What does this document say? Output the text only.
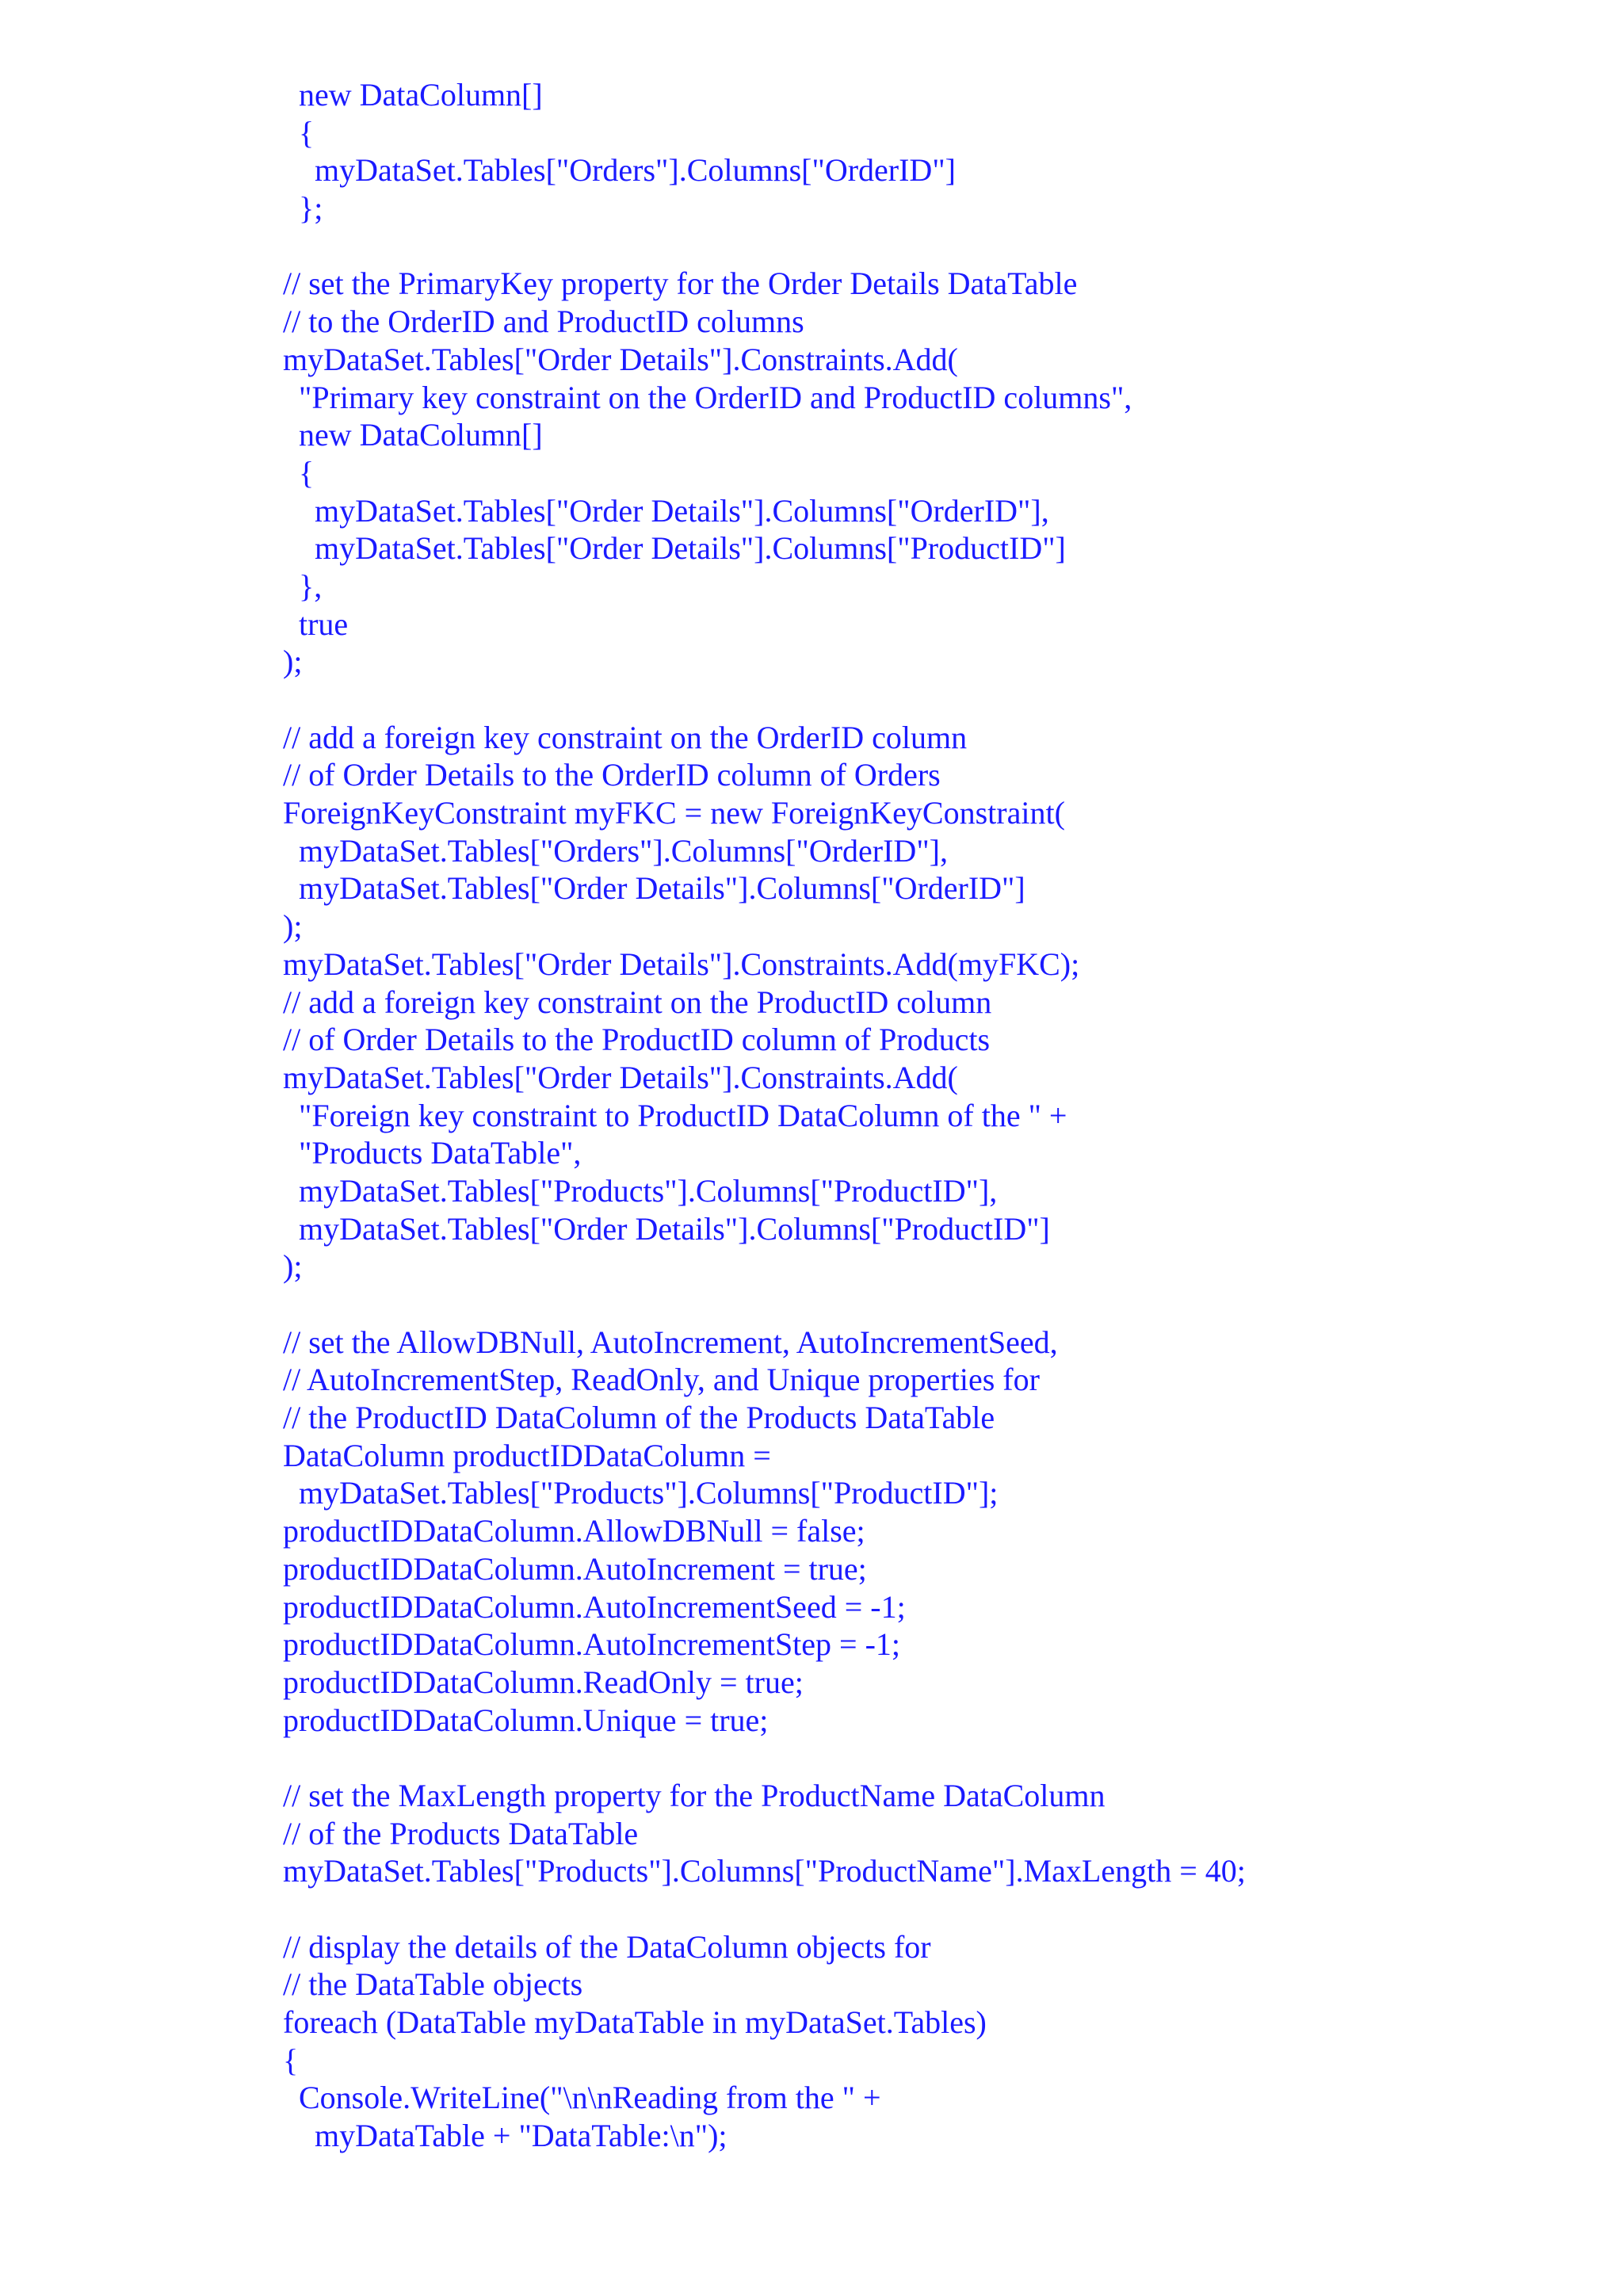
new DataColumn[]
{
myDataSet.Tables["Orders"].Columns["OrderID"]
};
// set the PrimaryKey property for the Order Details DataTable
// to the OrderID and ProductID columns
myDataSet.Tables["Order Details"].Constraints.Add(
"Primary key constraint on the OrderID and ProductID columns",
new DataColumn[]
{
myDataSet.Tables["Order Details"].Columns["OrderID"],
myDataSet.Tables["Order Details"].Columns["ProductID"]
},
true
);
// add a foreign key constraint on the OrderID column
// of Order Details to the OrderID column of Orders
ForeignKeyConstraint myFKC = new ForeignKeyConstraint(
myDataSet.Tables["Orders"].Columns["OrderID"],
myDataSet.Tables["Order Details"].Columns["OrderID"]
);
myDataSet.Tables["Order Details"].Constraints.Add(myFKC);
// add a foreign key constraint on the ProductID column
// of Order Details to the ProductID column of Products
myDataSet.Tables["Order Details"].Constraints.Add(
"Foreign key constraint to ProductID DataColumn of the " +
"Products DataTable",
myDataSet.Tables["Products"].Columns["ProductID"],
myDataSet.Tables["Order Details"].Columns["ProductID"]
);
// set the AllowDBNull, AutoIncrement, AutoIncrementSeed,
// AutoIncrementStep, ReadOnly, and Unique properties for
// the ProductID DataColumn of the Products DataTable
DataColumn productIDDataColumn =
myDataSet.Tables["Products"].Columns["ProductID"];
productIDDataColumn.AllowDBNull = false;
productIDDataColumn.AutoIncrement = true;
productIDDataColumn.AutoIncrementSeed = -1;
productIDDataColumn.AutoIncrementStep = -1;
productIDDataColumn.ReadOnly = true;
productIDDataColumn.Unique = true;
// set the MaxLength property for the ProductName DataColumn
// of the Products DataTable
myDataSet.Tables["Products"].Columns["ProductName"].MaxLength = 40;
// display the details of the DataColumn objects for
// the DataTable objects
foreach (DataTable myDataTable in myDataSet.Tables)
{
Console.WriteLine("\n\nReading from the " +
myDataTable + "DataTable:\n");
